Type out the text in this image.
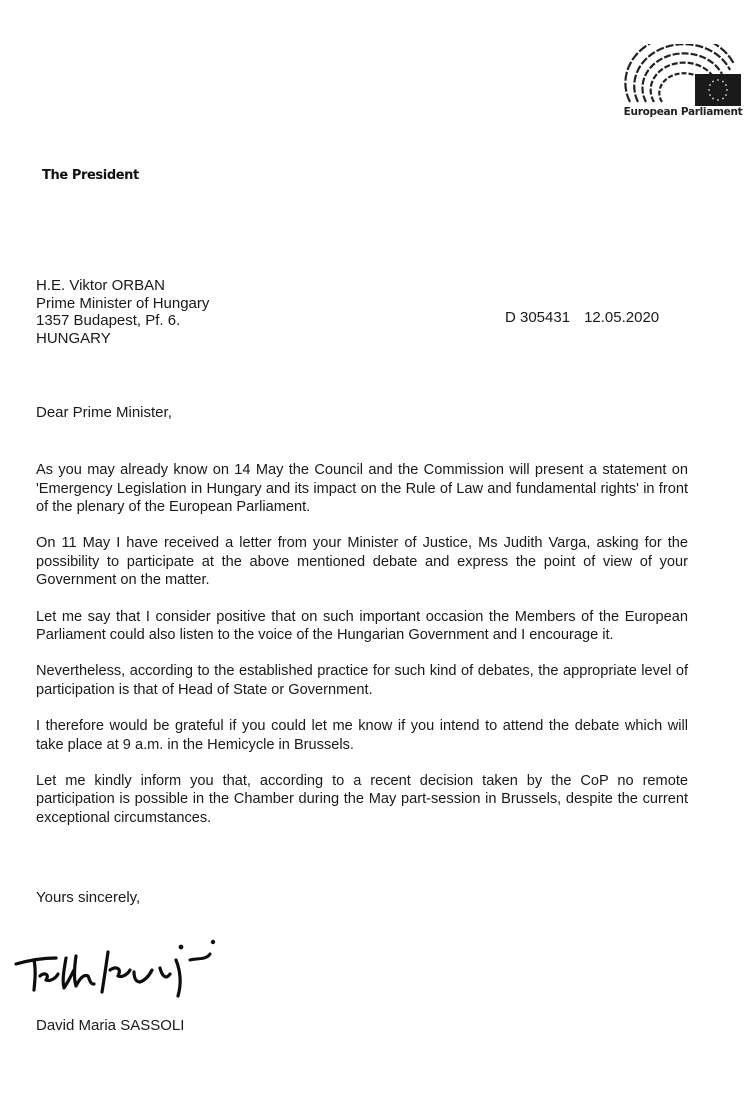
European Parliament
The President
H.E. Viktor ORBAN
Prime Minister of Hungary
1357 Budapest, Pf. 6.
HUNGARY
D 305431 12.05.2020
Dear Prime Minister,

As you may already know on 14 May the Council and the Commission will present a statement on 'Emergency Legislation in Hungary and its impact on the Rule of Law and fundamental rights' in front of the plenary of the European Parliament.

On 11 May I have received a letter from your Minister of Justice, Ms Judith Varga, asking for the possibility to participate at the above mentioned debate and express the point of view of your Government on the matter.

Let me say that I consider positive that on such important occasion the Members of the European Parliament could also listen to the voice of the Hungarian Government and I encourage it.

Nevertheless, according to the established practice for such kind of debates, the appropriate level of participation is that of Head of State or Government.

I therefore would be grateful if you could let me know if you intend to attend the debate which will take place at 9 a.m. in the Hemicycle in Brussels.

Let me kindly inform you that, according to a recent decision taken by the CoP no remote participation is possible in the Chamber during the May part-session in Brussels, despite the current exceptional circumstances.

Yours sincerely,
David Maria SASSOLI
